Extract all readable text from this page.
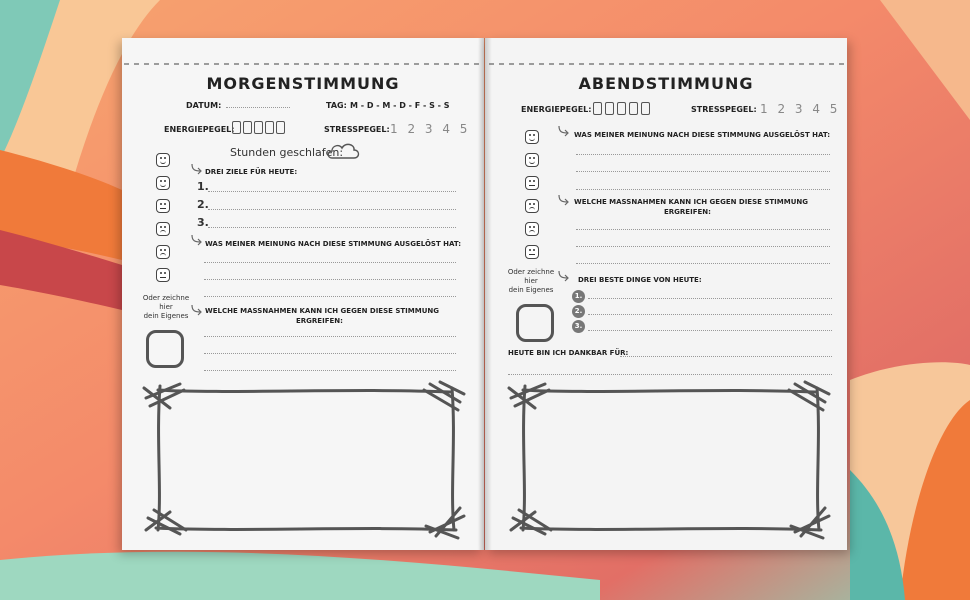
MORGENSTIMMUNG
DATUM:	TAG: M - D - M - D - F - S - S
ENERGIEPEGEL:	STRESSPEGEL: 1 2 3 4 5
Stunden geschlafen:
DREI ZIELE FÜR HEUTE:
1.
2.
3.
WAS MEINER MEINUNG NACH DIESE STIMMUNG AUSGELÖST HAT:
Oder zeichne
hier
dein Eigenes
WELCHE MASSNAHMEN KANN ICH GEGEN DIESE STIMMUNG
ERGREIFEN:
ABENDSTIMMUNG
ENERGIEPEGEL:	STRESSPEGEL: 1 2 3 4 5
WAS MEINER MEINUNG NACH DIESE STIMMUNG AUSGELÖST HAT:
WELCHE MASSNAHMEN KANN ICH GEGEN DIESE STIMMUNG
ERGREIFEN:
Oder zeichne
hier
dein Eigenes
DREI BESTE DINGE VON HEUTE:
1.
2.
3.
HEUTE BIN ICH DANKBAR FÜR:
